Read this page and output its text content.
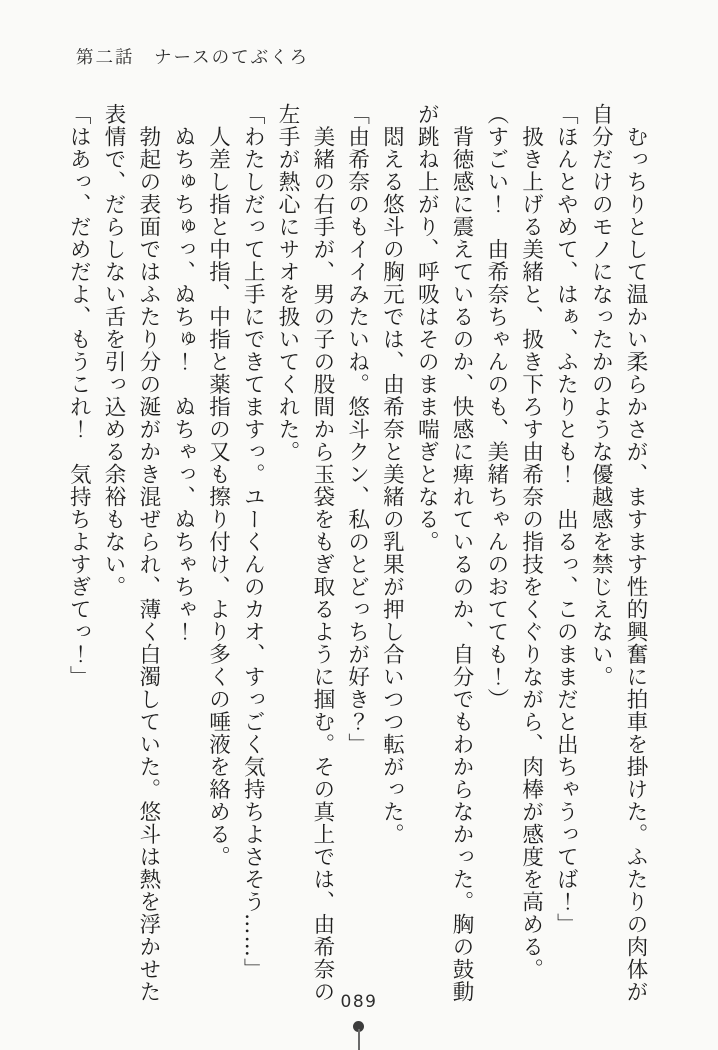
第二話　ナースのてぶくろ

　むっちりとして温かい柔らかさが、ますます性的興奮に拍車を掛けた。ふたりの肉体が

自分だけのモノになったかのような優越感を禁じえない。

「ほんとやめて、はぁ、ふたりとも！　出るっ、このままだと出ちゃうってば！」

　扱き上げる美緒と、扱き下ろす由希奈の指技をくぐりながら、肉棒が感度を高める。

（すごい！　由希奈ちゃんのも、美緒ちゃんのおてても！）

　背徳感に震えているのか、快感に痺れているのか、自分でもわからなかった。胸の鼓動

が跳ね上がり、呼吸はそのまま喘ぎとなる。

　悶える悠斗の胸元では、由希奈と美緒の乳果が押し合いつつ転がった。

「由希奈のもイイみたいね。悠斗クン、私のとどっちが好き？」

　美緒の右手が、男の子の股間から玉袋をもぎ取るように掴む。その真上では、由希奈の

左手が熱心にサオを扱いてくれた。

「わたしだって上手にできてますっ。ユーくんのカオ、すっごく気持ちよさそう……」

　人差し指と中指、中指と薬指の又も擦り付け、より多くの唾液を絡める。

　ぬちゅちゅっ、ぬちゅ！　ぬちゃっ、ぬちゃちゃ！

　勃起の表面ではふたり分の涎がかき混ぜられ、薄く白濁していた。悠斗は熱を浮かせた

表情で、だらしない舌を引っ込める余裕もない。

「はあっ、だめだよ、もうこれ！　気持ちよすぎてっ！」

089
